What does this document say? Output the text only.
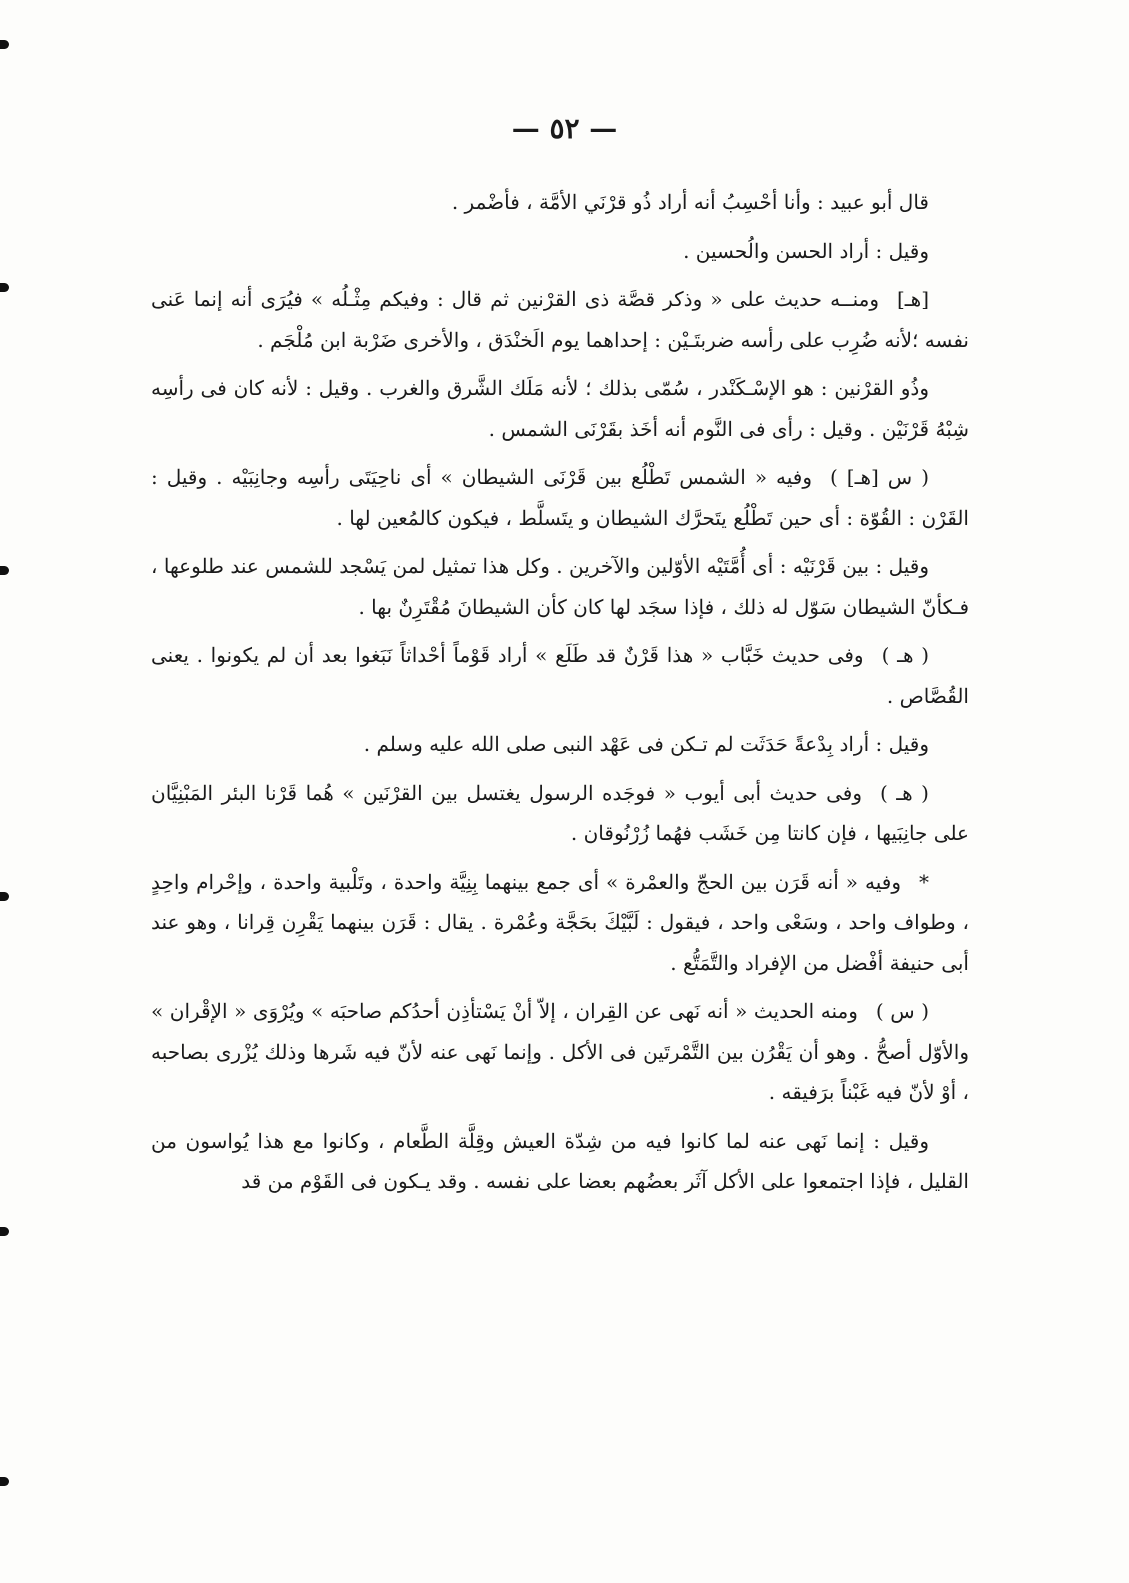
— ٥٢ —

قال أبو عبيد : وأنا أحْسِبُ أنه أراد ذُو قرْنَي الأمَّة ، فأضْمر .

وقيل : أراد الحسن والُحسين .

[هـ]ومنــه حديث على « وذكر قصَّة ذى القرْنين ثم قال : وفيكم مِثْـلُه » فيُرَى أنه إنما عَنى نفسه ؛لأنه ضُرِب على رأسه ضربتَـيْن : إحداهما يوم الَخنْدَق ، والأخرى ضَرْبة ابن مُلْجَم .

وذُو القرْنين : هو الإسْـكَنْدر ، سُمّى بذلك ؛ لأنه مَلَك الشَّرق والغرب . وقيل : لأنه كان فى رأسِه شِبْهُ قَرْنَيْن . وقيل : رأى فى النَّوم أنه أخَذ بقَرْنَى الشمس .

( س [هـ] )وفيه « الشمس تَطْلُع بين قَرْنَى الشيطان » أى ناحِيَتَى رأسِه وجانِبَيْه . وقيل : القَرْن : القُوّة : أى حين تَطْلُع يتَحرَّك الشيطان و يتَسلَّط ، فيكون كالمُعين لها .

وقيل : بين قَرْنَيْه : أى أُمَّتَيْه الأوّلين والآخرين . وكل هذا تمثيل لمن يَسْجد للشمس عند طلوعها ، فـكأنّ الشيطان سَوّل له ذلك ، فإذا سجَد لها كان كأن الشيطانَ مُقْتَرِنٌ بها .

( هـ )وفى حديث خَبَّاب « هذا قَرْنٌ قد طَلَع » أراد قَوْماً أحْداثاً نَبَغوا بعد أن لم يكونوا . يعنى القُصَّاص .

وقيل : أراد بِدْعةً حَدَثَت لم تـكن فى عَهْد النبى صلى الله عليه وسلم .

( هـ )وفى حديث أبى أيوب « فوجَده الرسول يغتسل بين القرْنَين » هُما قَرْنا البئر المَبْنِيَّان على جانِبَيها ، فإن كانتا مِن خَشَب فهُما زُرْنُوقان .

*وفيه « أنه قَرَن بين الحجّ والعمْرة » أى جمع بينهما بِنِيَّة واحدة ، وتَلْبية واحدة ، وإحْرام واحِدٍ ، وطواف واحد ، وسَعْى واحد ، فيقول : لَبَّيْكَ بحَجَّة وعُمْرة . يقال : قَرَن بينهما يَقْرِن قِرانا ، وهو عند أبى حنيفة أفْضل من الإفراد والتَّمَتُّع .

( س )ومنه الحديث « أنه نَهى عن القِران ، إلاّ أنْ يَسْتأذِن أحدُكم صاحبَه » ويُرْوَى « الإقْران » والأوّل أصحُّ . وهو أن يَقْرُن بين التَّمْرتَين فى الأكل . وإنما نَهى عنه لأنّ فيه شَرها وذلك يُزْرى بصاحبه ، أوْ لأنّ فيه غَبْناً برَفيقه .

وقيل : إنما نَهى عنه لما كانوا فيه من شِدّة العيش وقِلَّة الطَّعام ، وكانوا مع هذا يُواسون من القليل ، فإذا اجتمعوا على الأكل آثَر بعضُهم بعضا على نفسه . وقد يـكون فى القَوْم من قد
